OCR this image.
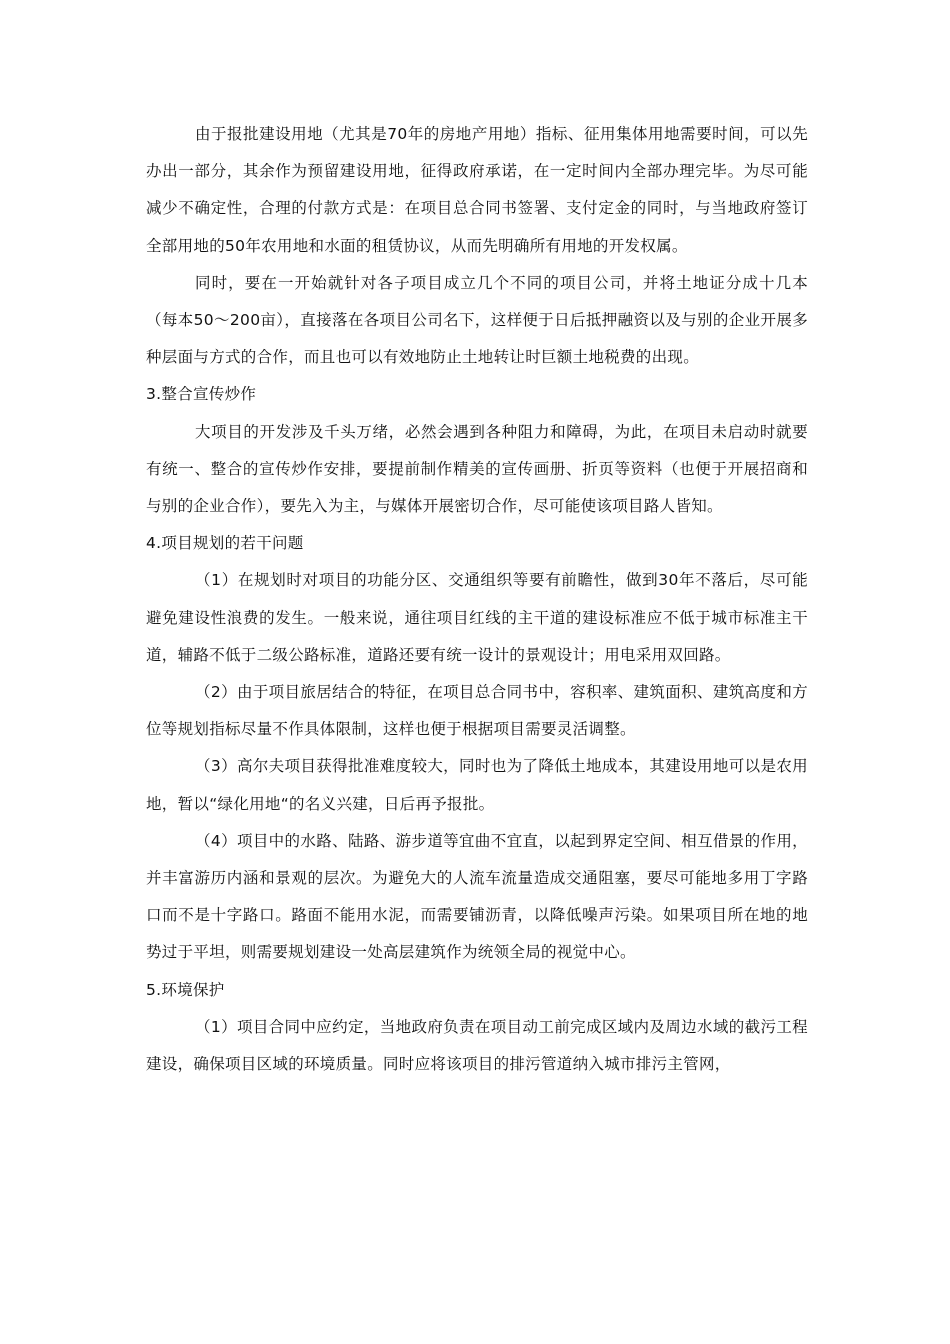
由于报批建设用地（尤其是70年的房地产用地）指标、征用集体用地需要时间，可以先办出一部分，其余作为预留建设用地，征得政府承诺，在一定时间内全部办理完毕。为尽可能减少不确定性，合理的付款方式是：在项目总合同书签署、支付定金的同时，与当地政府签订全部用地的50年农用地和水面的租赁协议，从而先明确所有用地的开发权属。

同时，要在一开始就针对各子项目成立几个不同的项目公司，并将土地证分成十几本（每本50～200亩），直接落在各项目公司名下，这样便于日后抵押融资以及与别的企业开展多种层面与方式的合作，而且也可以有效地防止土地转让时巨额土地税费的出现。

3.整合宣传炒作

大项目的开发涉及千头万绪，必然会遇到各种阻力和障碍，为此，在项目未启动时就要有统一、整合的宣传炒作安排，要提前制作精美的宣传画册、折页等资料（也便于开展招商和与别的企业合作），要先入为主，与媒体开展密切合作，尽可能使该项目路人皆知。

4.项目规划的若干问题

（1）在规划时对项目的功能分区、交通组织等要有前瞻性，做到30年不落后，尽可能避免建设性浪费的发生。一般来说，通往项目红线的主干道的建设标准应不低于城市标准主干道，辅路不低于二级公路标准，道路还要有统一设计的景观设计；用电采用双回路。

（2）由于项目旅居结合的特征，在项目总合同书中，容积率、建筑面积、建筑高度和方位等规划指标尽量不作具体限制，这样也便于根据项目需要灵活调整。

（3）高尔夫项目获得批准难度较大，同时也为了降低土地成本，其建设用地可以是农用地，暂以“绿化用地“的名义兴建，日后再予报批。

（4）项目中的水路、陆路、游步道等宜曲不宜直，以起到界定空间、相互借景的作用，并丰富游历内涵和景观的层次。为避免大的人流车流量造成交通阻塞，要尽可能地多用丁字路口而不是十字路口。路面不能用水泥，而需要铺沥青，以降低噪声污染。如果项目所在地的地势过于平坦，则需要规划建设一处高层建筑作为统领全局的视觉中心。

5.环境保护

（1）项目合同中应约定，当地政府负责在项目动工前完成区域内及周边水域的截污工程建设，确保项目区域的环境质量。同时应将该项目的排污管道纳入城市排污主管网，
